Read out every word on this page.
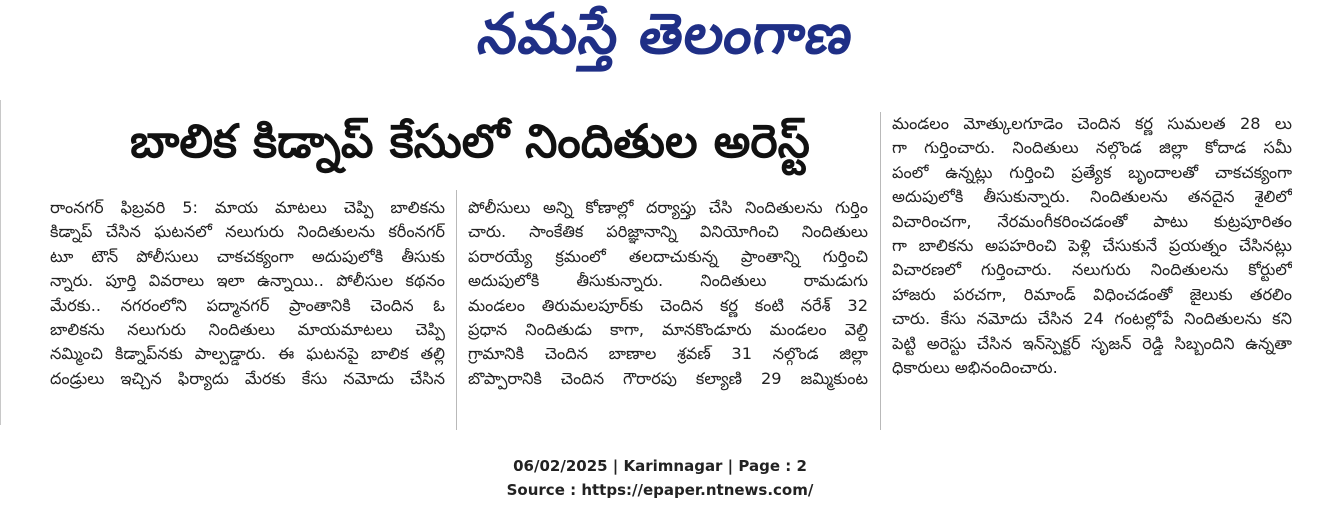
నమస్తే తెలంగాణ
బాలిక కిడ్నాప్ కేసులో నిందితుల అరెస్ట్

రాంనగర్ ఫిబ్రవరి 5: మాయ మాటలు చెప్పి బాలికను

కిడ్నాప్ చేసిన ఘటనలో నలుగురు నిందితులను కరీంనగర్

టూ టౌన్ పోలీసులు చాకచక్యంగా అదుపులోకి తీసుకు

న్నారు. పూర్తి వివరాలు ఇలా ఉన్నాయి.. పోలీసుల కథనం

మేరకు.. నగరంలోని పద్మానగర్ ప్రాంతానికి చెందిన ఓ

బాలికను నలుగురు నిందితులు మాయమాటలు చెప్పి

నమ్మించి కిడ్నాప్‌నకు పాల్పడ్డారు. ఈ ఘటనపై బాలిక తల్లి

దండ్రులు ఇచ్చిన ఫిర్యాదు మేరకు కేసు నమోదు చేసిన

పోలీసులు అన్ని కోణాల్లో దర్యాప్తు చేసి నిందితులను గుర్తిం

చారు. సాంకేతిక పరిజ్ఞానాన్ని వినియోగించి నిందితులు

పరారయ్యే క్రమంలో తలదాచుకున్న ప్రాంతాన్ని గుర్తించి

అదుపులోకి తీసుకున్నారు. నిందితులు రామడుగు

మండలం తిరుమలపూర్‌కు చెందిన కర్ణ కంటి నరేశ్ 32

ప్రధాన నిందితుడు కాగా, మానకొండూరు మండలం వెల్ది

గ్రామానికి చెందిన బాణాల శ్రవణ్ 31 నల్గొండ జిల్లా

బొప్పారానికి చెందిన గౌరారపు కల్యాణి 29 జమ్మికుంట

మండలం మోత్కులగూడెం చెందిన కర్ణ సుమలత 28 లు

గా గుర్తించారు. నిందితులు నల్గొండ జిల్లా కోదాడ సమీ

పంలో ఉన్నట్లు గుర్తించి ప్రత్యేక బృందాలతో చాకచక్యంగా

అదుపులోకి తీసుకున్నారు. నిందితులను తనదైన శైలిలో

విచారించగా, నేరమంగీకరించడంతో పాటు కుట్రపూరితం

గా బాలికను అపహరించి పెళ్లి చేసుకునే ప్రయత్నం చేసినట్లు

విచారణలో గుర్తించారు. నలుగురు నిందితులను కోర్టులో

హాజరు పరచగా, రిమాండ్ విధించడంతో జైలుకు తరలిం

చారు. కేసు నమోదు చేసిన 24 గంటల్లోపే నిందితులను కని

పెట్టి అరెస్టు చేసిన ఇన్‌స్పెక్టర్ సృజన్ రెడ్డి సిబ్బందిని ఉన్నతా

ధికారులు అభినందించారు.

06/02/2025 | Karimnagar | Page : 2
Source : https://epaper.ntnews.com/
